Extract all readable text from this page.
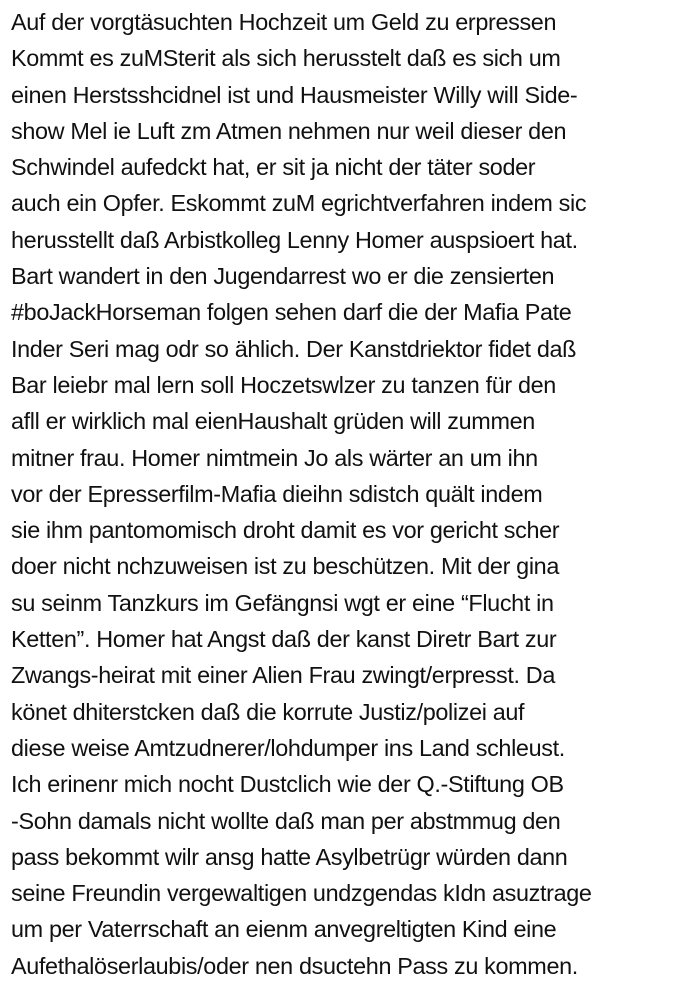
Auf der vorgtäsuchten Hochzeit um Geld zu erpressen
Kommt es zuMSterit als sich herusstelt daß es sich um
einen Herstsshcidnel ist und Hausmeister Willy will Side-
show Mel ie Luft zm Atmen nehmen nur weil dieser den
Schwindel aufedckt hat, er sit ja nicht der täter soder
auch ein Opfer. Eskommt zuM egrichtverfahren indem sic
herusstellt daß Arbistkolleg Lenny Homer auspsioert hat.
Bart wandert in den Jugendarrest wo er die zensierten
#boJackHorseman folgen sehen darf die der Mafia Pate
Inder Seri mag odr so ählich. Der Kanstdriektor fidet daß
Bar leiebr mal lern soll Hoczetswlzer zu tanzen für den
afll er wirklich mal eienHaushalt grüden will zummen
mitner frau. Homer nimtmein Jo als wärter an um ihn
vor der Epresserfilm-Mafia dieihn sdistch quält indem
sie ihm pantomomisch droht damit es vor gericht scher
doer nicht nchzuweisen ist zu beschützen. Mit der gina
su seinm Tanzkurs im Gefängnsi wgt er eine “Flucht in
Ketten”. Homer hat Angst daß der kanst Diretr Bart zur
Zwangs-heirat mit einer Alien Frau zwingt/erpresst. Da
könet dhiterstcken daß die korrute Justiz/polizei auf
diese weise Amtzudnerer/lohdumper ins Land schleust.
Ich erinenr mich nocht Dustclich wie der Q.-Stiftung OB
-Sohn damals nicht wollte daß man per abstmmug den
pass bekommt wilr ansg hatte Asylbetrügr würden dann
seine Freundin vergewaltigen undzgendas kIdn asuztrage
um per Vaterrschaft an eienm anvegreltigten Kind eine
Aufethalöserlaubis/oder nen dsuctehn Pass zu kommen.
